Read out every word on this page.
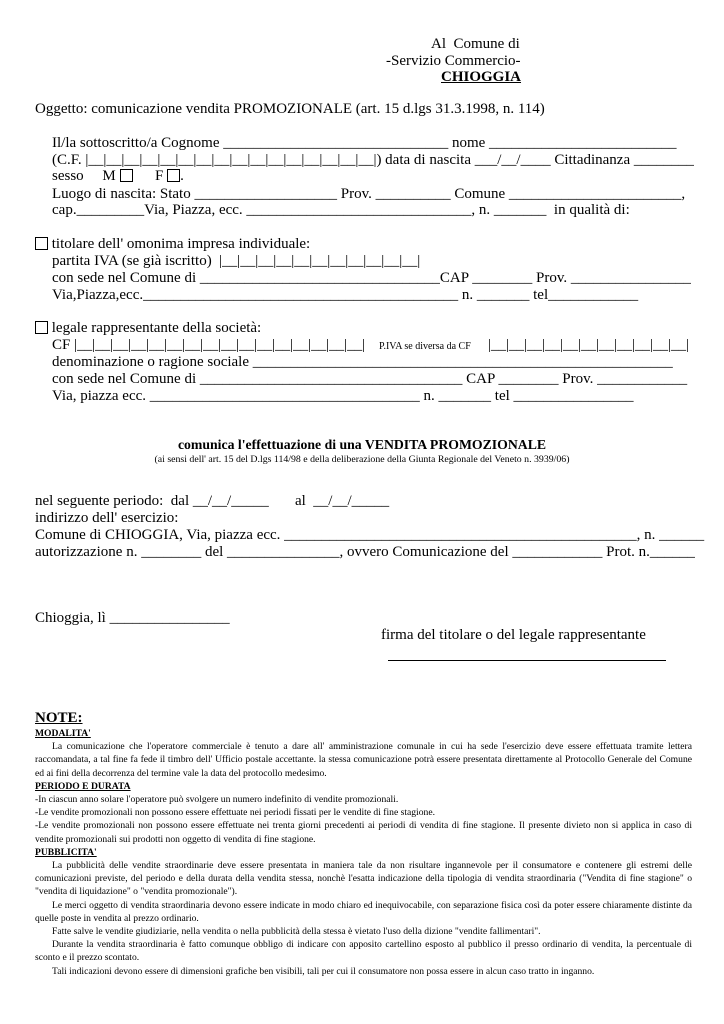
Al  Comune di
-Servizio Commercio-
CHIOGGIA
Oggetto: comunicazione vendita PROMOZIONALE (art. 15 d.lgs 31.3.1998, n. 114)
Il/la sottoscritto/a Cognome ______________________________ nome _________________________
(C.F. |__|__|__|__|__|__|__|__|__|__|__|__|__|__|__|__|) data di nascita ___/__/____ Cittadinanza ________
sesso     M       F .
Luogo di nascita: Stato ___________________ Prov. __________ Comune _______________________,
cap._________Via, Piazza, ecc. ______________________________, n. _______  in qualità di:
titolare dell' omonima impresa individuale:
partita IVA (se già iscritto)  |__|__|__|__|__|__|__|__|__|__|__|
con sede nel Comune di ________________________________CAP ________ Prov. ________________
Via,Piazza,ecc.__________________________________________ n. _______ tel____________
legale rappresentante della società:
CF |__|__|__|__|__|__|__|__|__|__|__|__|__|__|__|__| P.IVA se diversa da CF |__|__|__|__|__|__|__|__|__|__|__|
denominazione o ragione sociale ________________________________________________________
con sede nel Comune di ___________________________________ CAP ________ Prov. ____________
Via, piazza ecc. ____________________________________ n. _______ tel ________________
comunica l'effettuazione di una VENDITA PROMOZIONALE
(ai sensi dell' art. 15 del D.lgs 114/98 e della deliberazione della Giunta Regionale del Veneto n. 3939/06)
nel seguente periodo:  dal __/__/_____       al  __/__/_____
indirizzo dell' esercizio:
Comune di CHIOGGIA, Via, piazza ecc. _______________________________________________, n. ______
autorizzazione n. ________ del _______________, ovvero Comunicazione del ____________ Prot. n.______
Chioggia, lì ________________
firma del titolare o del legale rappresentante
NOTE:

MODALITA'

La comunicazione che l'operatore commerciale è tenuto a dare all' amministrazione comunale in cui ha sede l'esercizio deve essere effettuata tramite lettera raccomandata, a tal fine fa fede il timbro dell' Ufficio postale accettante. la stessa comunicazione potrà essere presentata direttamente al Protocollo Generale del Comune ed ai fini della decorrenza del termine vale la data del protocollo medesimo.

PERIODO E DURATA

-In ciascun anno solare l'operatore può svolgere un numero indefinito di vendite promozionali.

-Le vendite promozionali non possono essere effettuate nei periodi fissati per le vendite di fine stagione.

-Le vendite promozionali non possono essere effettuate nei trenta giorni precedenti ai periodi di vendita di fine stagione. Il presente divieto non si applica in caso di vendite promozionali sui prodotti non oggetto di vendita di fine stagione.

PUBBLICITA'

La pubblicità delle vendite straordinarie deve essere presentata in maniera tale da non risultare ingannevole per il consumatore e contenere gli estremi delle comunicazioni previste, del periodo e della durata della vendita stessa, nonchè l'esatta indicazione della tipologia di vendita straordinaria ("Vendita di fine stagione" o "vendita di liquidazione" o "vendita promozionale").

Le merci oggetto di vendita straordinaria devono essere indicate in modo chiaro ed inequivocabile, con separazione fisica così da poter essere chiaramente distinte da quelle poste in vendita al prezzo ordinario.

Fatte salve le vendite giudiziarie, nella vendita o nella pubblicità della stessa è vietato l'uso della dizione "vendite fallimentari".

Durante la vendita straordinaria è fatto comunque obbligo di indicare con apposito cartellino esposto al pubblico il presso ordinario di vendita, la percentuale di sconto e il prezzo scontato.

Tali indicazioni devono essere di dimensioni grafiche ben visibili, tali per cui il consumatore non possa essere in alcun caso tratto in inganno.
